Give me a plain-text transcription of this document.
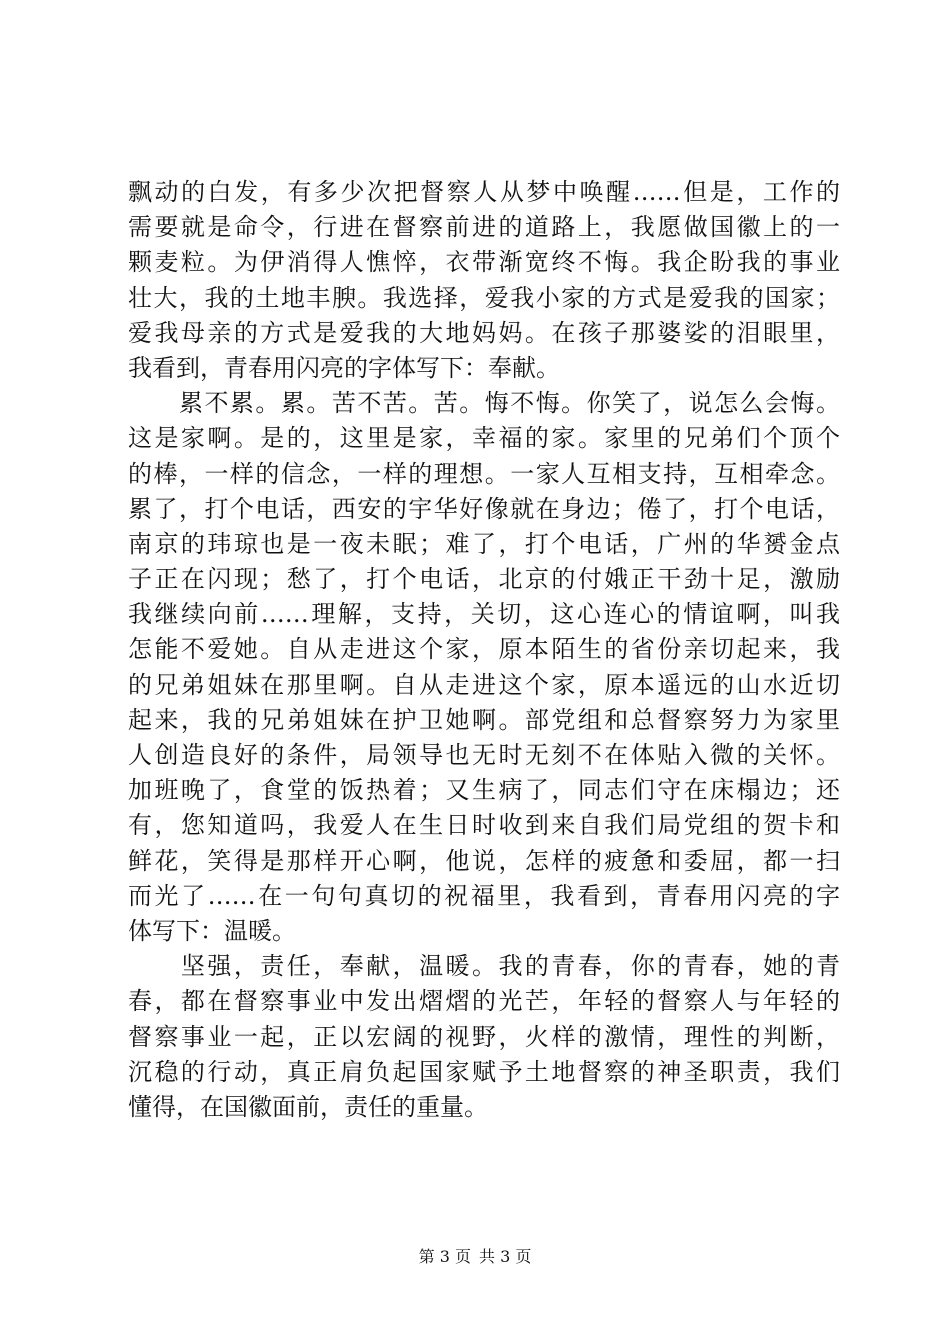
飘动的白发，有多少次把督察人从梦中唤醒……但是，工作的
需要就是命令，行进在督察前进的道路上，我愿做国徽上的一
颗麦粒。为伊消得人憔悴，衣带渐宽终不悔。我企盼我的事业
壮大，我的土地丰腴。我选择，爱我小家的方式是爱我的国家；
爱我母亲的方式是爱我的大地妈妈。在孩子那婆娑的泪眼里，
我看到，青春用闪亮的字体写下：奉献。
　　累不累。累。苦不苦。苦。悔不悔。你笑了，说怎么会悔。
这是家啊。是的，这里是家，幸福的家。家里的兄弟们个顶个
的棒，一样的信念，一样的理想。一家人互相支持，互相牵念。
累了，打个电话，西安的宇华好像就在身边；倦了，打个电话，
南京的玮琼也是一夜未眠；难了，打个电话，广州的华赟金点
子正在闪现；愁了，打个电话，北京的付娥正干劲十足，激励
我继续向前……理解，支持，关切，这心连心的情谊啊，叫我
怎能不爱她。自从走进这个家，原本陌生的省份亲切起来，我
的兄弟姐妹在那里啊。自从走进这个家，原本遥远的山水近切
起来，我的兄弟姐妹在护卫她啊。部党组和总督察努力为家里
人创造良好的条件，局领导也无时无刻不在体贴入微的关怀。
加班晚了，食堂的饭热着；又生病了，同志们守在床榻边；还
有，您知道吗，我爱人在生日时收到来自我们局党组的贺卡和
鲜花，笑得是那样开心啊，他说，怎样的疲惫和委屈，都一扫
而光了……在一句句真切的祝福里，我看到，青春用闪亮的字
体写下：温暖。
　　坚强，责任，奉献，温暖。我的青春，你的青春，她的青
春，都在督察事业中发出熠熠的光芒，年轻的督察人与年轻的
督察事业一起，正以宏阔的视野，火样的激情，理性的判断，
沉稳的行动，真正肩负起国家赋予土地督察的神圣职责，我们
懂得，在国徽面前，责任的重量。
第 3 页 共 3 页
